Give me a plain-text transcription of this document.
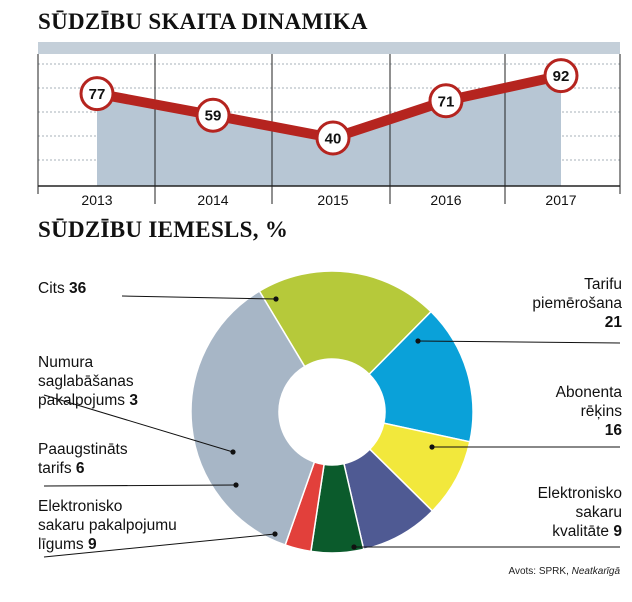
77
59
40
71
92
2013	2014	2015	2016	2017
SŪDZĪBU SKAITA DINAMIKA
SŪDZĪBU IEMESLS, %
Cits 36
Numura
saglabāšanas
pakalpojums 3
Paaugstināts
tarifs 6
Elektronisko
sakaru pakalpojumu
līgums 9
Tarifu
piemērošana
21
Abonenta
rēķins
16
Elektronisko
sakaru
kvalitāte 9
Avots: SPRK, Neatkarīgā
